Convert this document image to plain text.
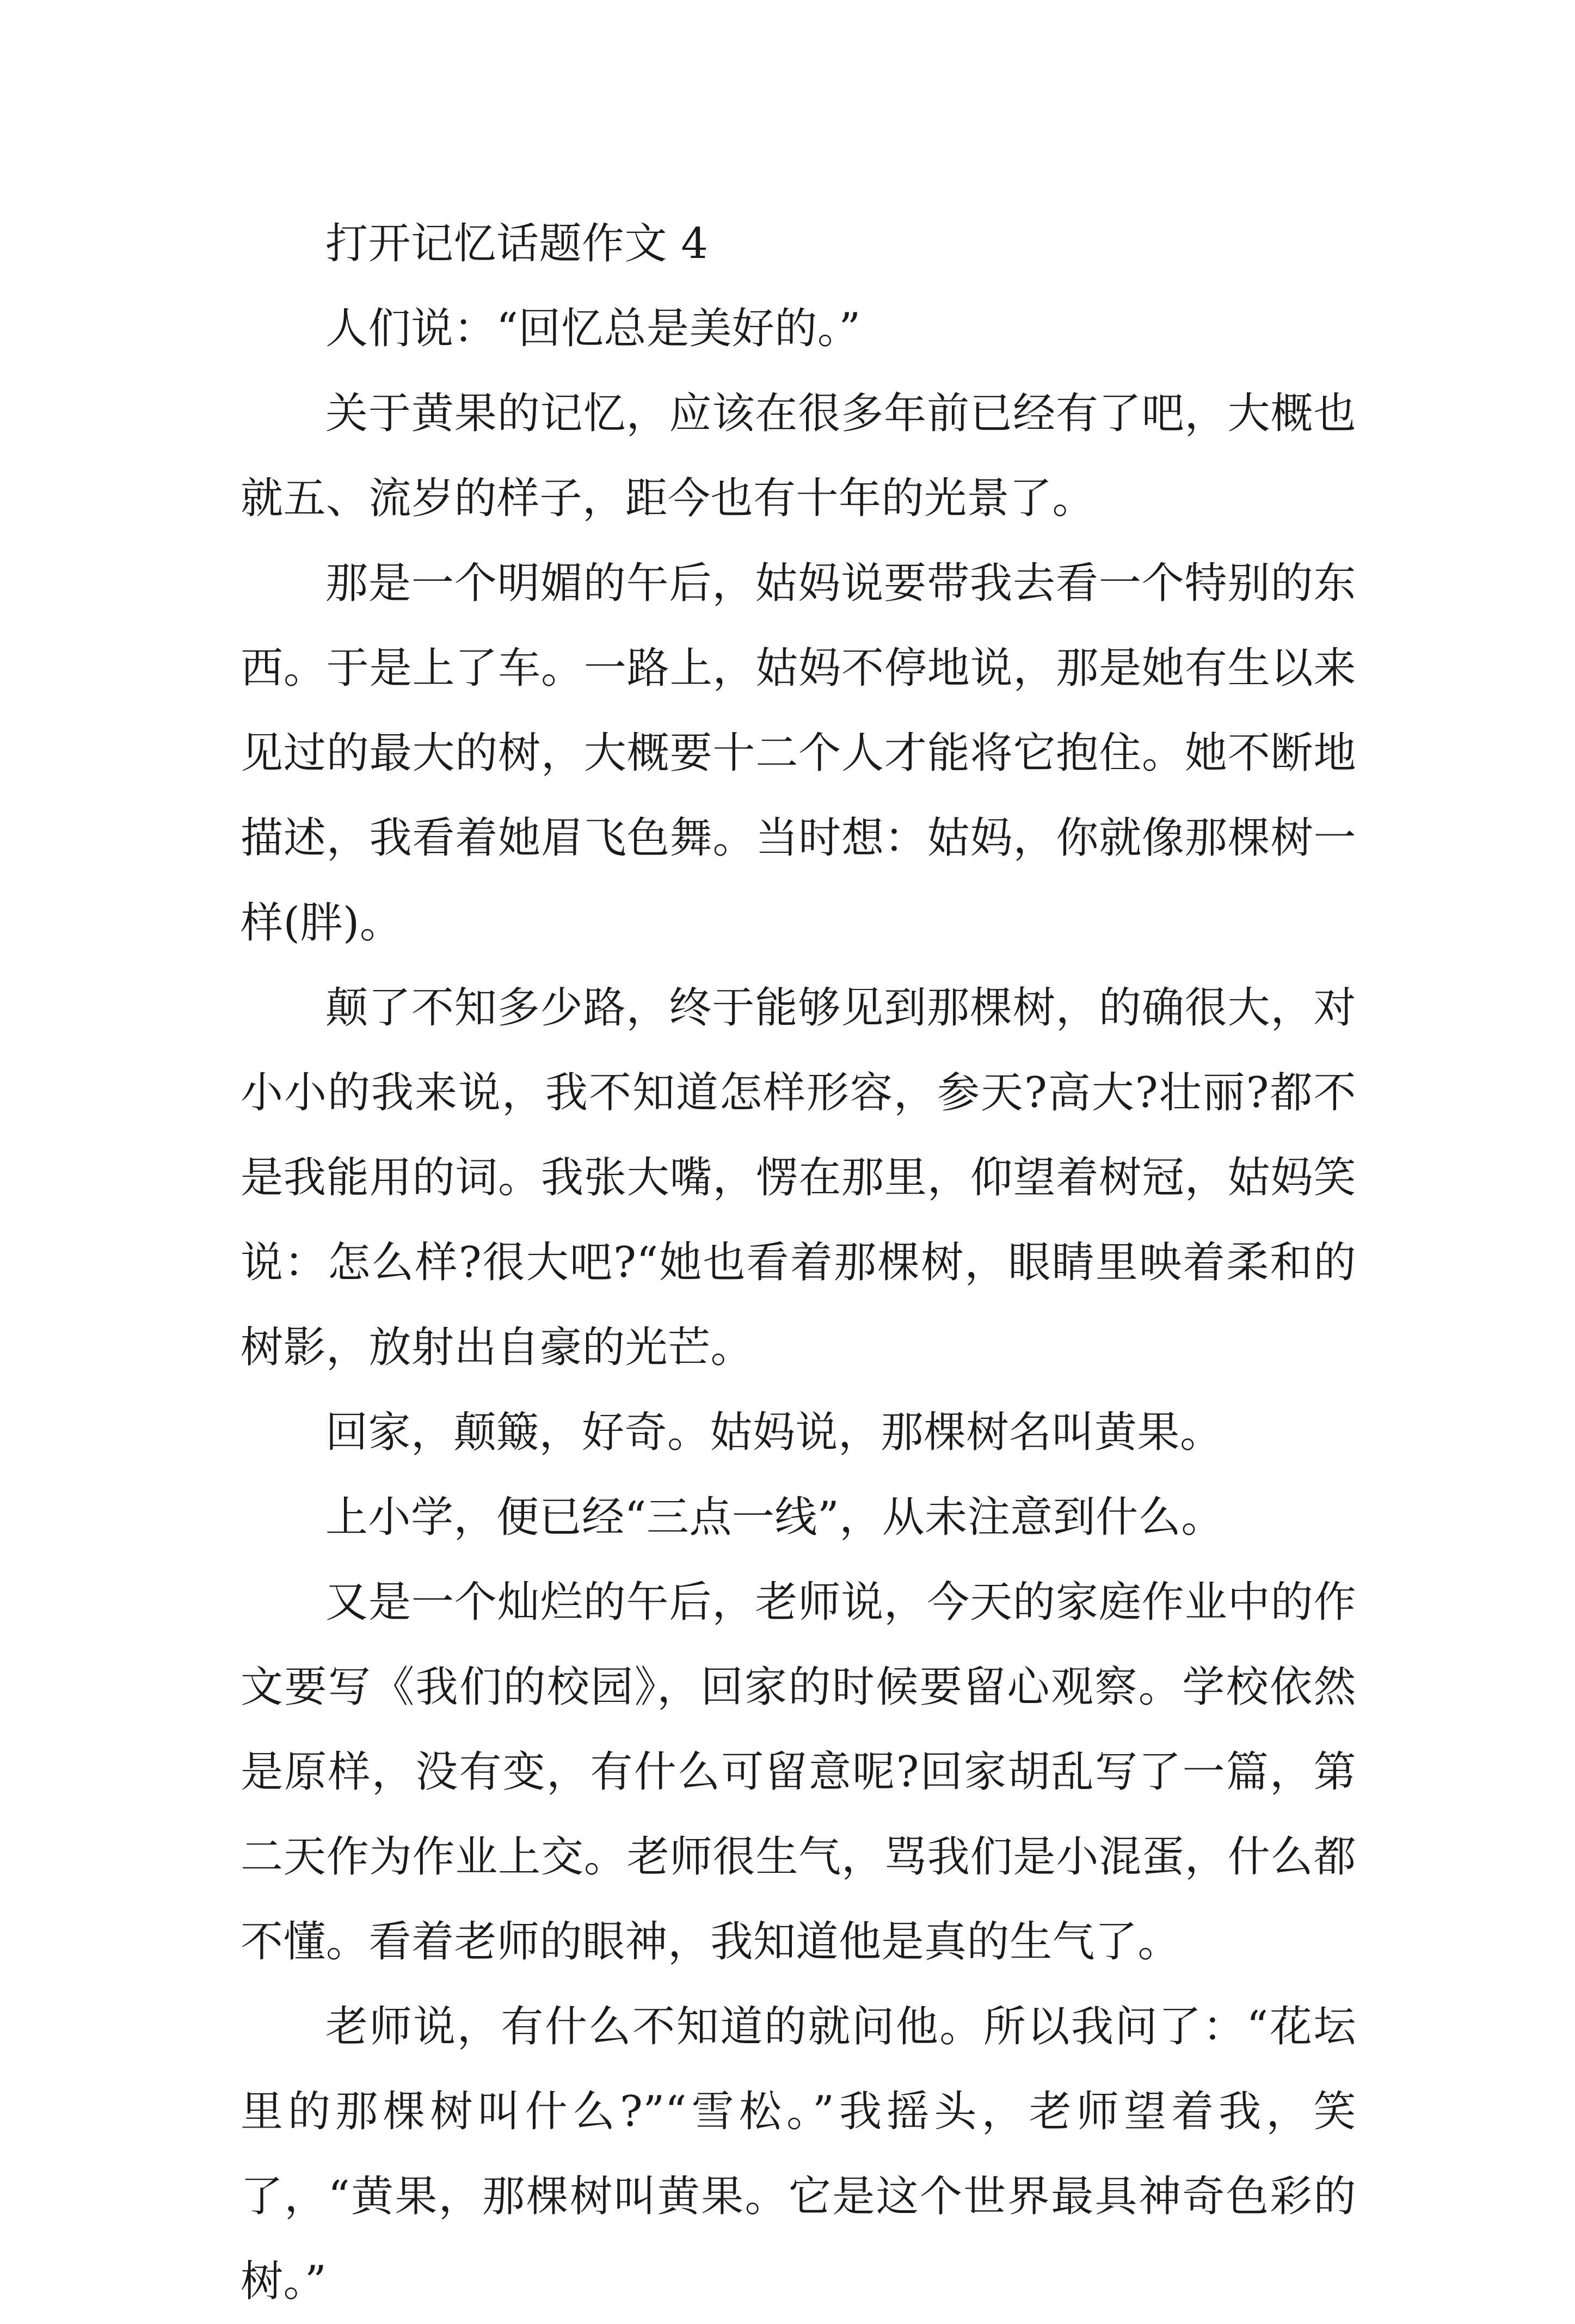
打开记忆话题作文 4

人们说：“回忆总是美好的。”

关于黄果的记忆，应该在很多年前已经有了吧，大概也就五、流岁的样子，距今也有十年的光景了。

那是一个明媚的午后，姑妈说要带我去看一个特别的东西。于是上了车。一路上，姑妈不停地说，那是她有生以来见过的最大的树，大概要十二个人才能将它抱住。她不断地描述，我看着她眉飞色舞。当时想：姑妈，你就像那棵树一样(胖)。

颠了不知多少路，终于能够见到那棵树，的确很大，对小小的我来说，我不知道怎样形容，参天?高大?壮丽?都不是我能用的词。我张大嘴，愣在那里，仰望着树冠，姑妈笑说：怎么样?很大吧?“她也看着那棵树，眼睛里映着柔和的树影，放射出自豪的光芒。

回家，颠簸，好奇。姑妈说，那棵树名叫黄果。

上小学，便已经“三点一线”，从未注意到什么。

又是一个灿烂的午后，老师说，今天的家庭作业中的作文要写《我们的校园》，回家的时候要留心观察。学校依然是原样，没有变，有什么可留意呢?回家胡乱写了一篇，第二天作为作业上交。老师很生气，骂我们是小混蛋，什么都不懂。看着老师的眼神，我知道他是真的生气了。

老师说，有什么不知道的就问他。所以我问了：“花坛里的那棵树叫什么?”“雪松。”我摇头，老师望着我，笑了，“黄果，那棵树叫黄果。它是这个世界最具神奇色彩的树。”
